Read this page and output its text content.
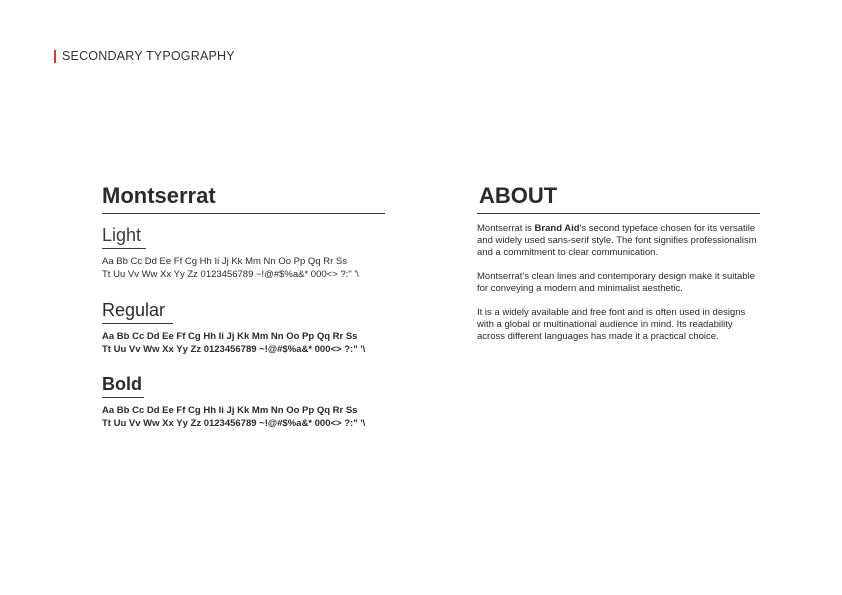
SECONDARY TYPOGRAPHY
Montserrat
Light
Aa Bb Cc Dd Ee Ff Cg Hh Ii Jj Kk Mm Nn Oo Pp Qq Rr Ss
Tt Uu Vv Ww Xx Yy Zz 0123456789 ~!@#$%a&* 000<> ?:" '\
Regular
Aa Bb Cc Dd Ee Ff Cg Hh Ii Jj Kk Mm Nn Oo Pp Qq Rr Ss
Tt Uu Vv Ww Xx Yy Zz 0123456789 ~!@#$%a&* 000<> ?:" '\
Bold
Aa Bb Cc Dd Ee Ff Cg Hh Ii Jj Kk Mm Nn Oo Pp Qq Rr Ss
Tt Uu Vv Ww Xx Yy Zz 0123456789 ~!@#$%a&* 000<> ?:" '\
ABOUT

Montserrat is Brand Aid's second typeface chosen for its versatile and widely used sans-serif style. The font signifies professionalism and a commitment to clear communication.

Montserrat's clean lines and contemporary design make it suitable for conveying a modern and minimalist aesthetic.

It is a widely available and free font and is often used in designs with a global or multinational audience in mind. Its readability across different languages has made it a practical choice.
